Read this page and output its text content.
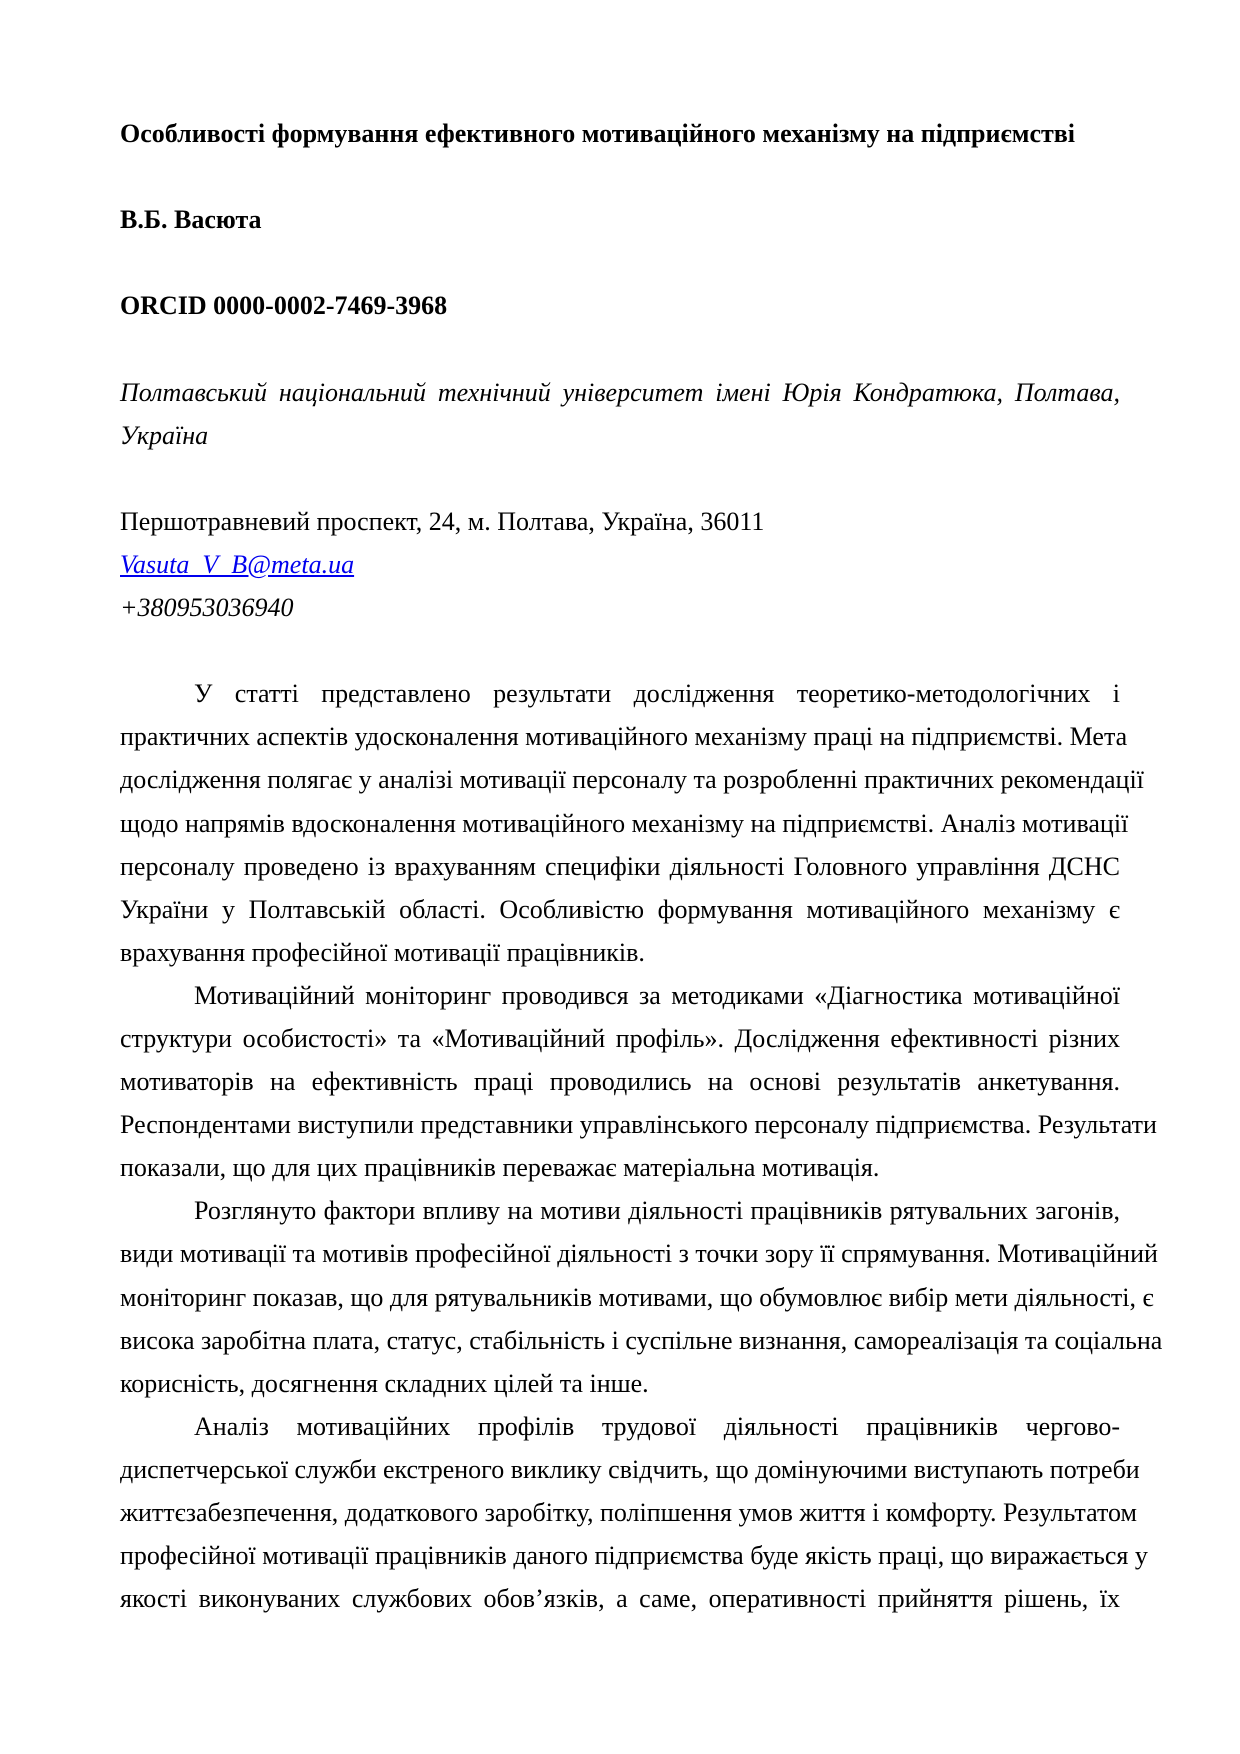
Особливості формування ефективного мотиваційного механізму на підприємстві
В.Б. Васюта
ORCID 0000-0002-7469-3968
Полтавський національний технічний університет імені Юрія Кондратюка, Полтава,
Україна
Першотравневий проспект, 24, м. Полтава, Україна, 36011
Vasuta_V_B@meta.ua
+380953036940
У статті представлено результати дослідження теоретико-методологічних і
практичних аспектів удосконалення мотиваційного механізму праці на підприємстві. Мета
дослідження полягає у аналізі мотивації персоналу та розробленні практичних рекомендації
щодо напрямів вдосконалення мотиваційного механізму на підприємстві. Аналіз мотивації
персоналу проведено із врахуванням специфіки діяльності Головного управління ДСНС
України у Полтавській області. Особливістю формування мотиваційного механізму є
врахування професійної мотивації працівників.
Мотиваційний моніторинг проводився за методиками «Діагностика мотиваційної
структури особистості» та «Мотиваційний профіль». Дослідження ефективності різних
мотиваторів на ефективність праці проводились на основі результатів анкетування.
Респондентами виступили представники управлінського персоналу підприємства. Результати
показали, що для цих працівників переважає матеріальна мотивація.
Розглянуто фактори впливу на мотиви діяльності працівників рятувальних загонів,
види мотивації та мотивів професійної діяльності з точки зору її спрямування. Мотиваційний
моніторинг показав, що для рятувальників мотивами, що обумовлює вибір мети діяльності, є
висока заробітна плата, статус, стабільність і суспільне визнання, самореалізація та соціальна
корисність, досягнення складних цілей та інше.
Аналіз мотиваційних профілів трудової діяльності працівників чергово-
диспетчерської служби екстреного виклику свідчить, що домінуючими виступають потреби
життєзабезпечення, додаткового заробітку, поліпшення умов життя і комфорту. Результатом
професійної мотивації працівників даного підприємства буде якість праці, що виражається у
якості виконуваних службових обов’язків, а саме, оперативності прийняття рішень, їх
